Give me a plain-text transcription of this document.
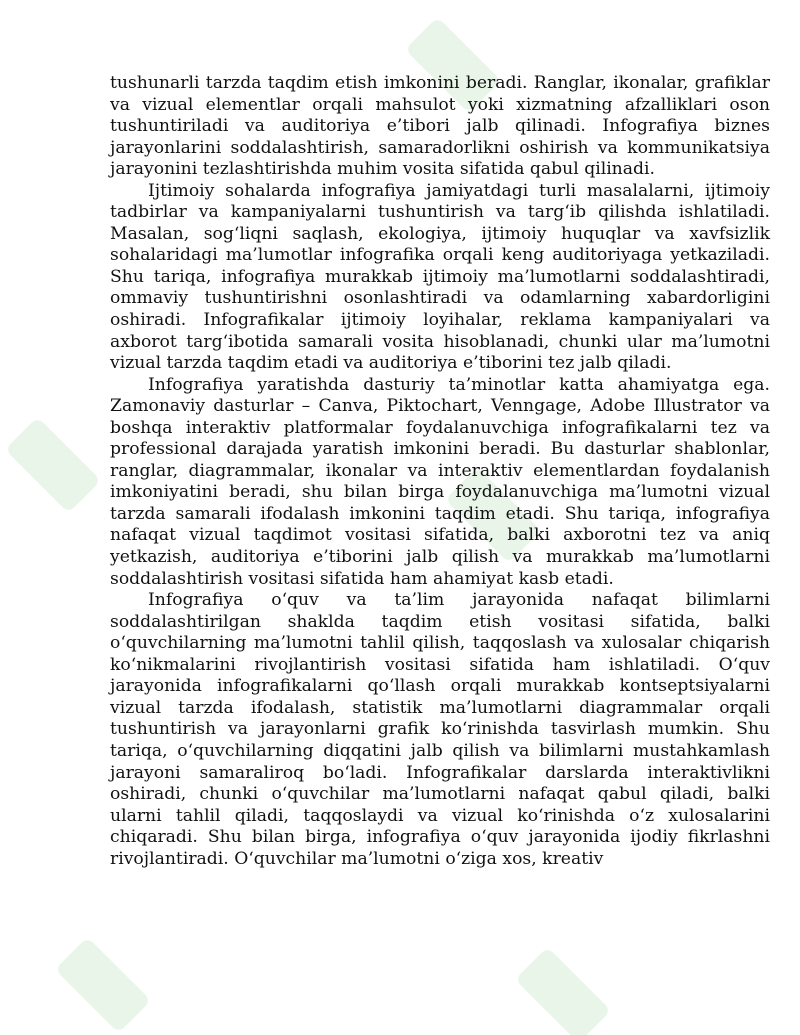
tushunarli tarzda taqdim etish imkonini beradi. Ranglar, ikonalar, grafiklar va vizual elementlar orqali mahsulot yoki xizmatning afzalliklari oson tushuntiriladi va auditoriya e’tibori jalb qilinadi. Infografiya biznes jarayonlarini soddalashtirish, samaradorlikni oshirish va kommunikatsiya jarayonini tezlashtirishda muhim vosita sifatida qabul qilinadi.

Ijtimoiy sohalarda infografiya jamiyatdagi turli masalalarni, ijtimoiy tadbirlar va kampaniyalarni tushuntirish va targ‘ib qilishda ishlatiladi. Masalan, sog‘liqni saqlash, ekologiya, ijtimoiy huquqlar va xavfsizlik sohalaridagi ma’lumotlar infografika orqali keng auditoriyaga yetkaziladi. Shu tariqa, infografiya murakkab ijtimoiy ma’lumotlarni soddalashtiradi, ommaviy tushuntirishni osonlashtiradi va odamlarning xabardorligini oshiradi. Infografikalar ijtimoiy loyihalar, reklama kampaniyalari va axborot targ‘ibotida samarali vosita hisoblanadi, chunki ular ma’lumotni vizual tarzda taqdim etadi va auditoriya e’tiborini tez jalb qiladi.

Infografiya yaratishda dasturiy ta’minotlar katta ahamiyatga ega. Zamonaviy dasturlar – Canva, Piktochart, Venngage, Adobe Illustrator va boshqa interaktiv platformalar foydalanuvchiga infografikalarni tez va professional darajada yaratish imkonini beradi. Bu dasturlar shablonlar, ranglar, diagrammalar, ikonalar va interaktiv elementlardan foydalanish imkoniyatini beradi, shu bilan birga foydalanuvchiga ma’lumotni vizual tarzda samarali ifodalash imkonini taqdim etadi. Shu tariqa, infografiya nafaqat vizual taqdimot vositasi sifatida, balki axborotni tez va aniq yetkazish, auditoriya e’tiborini jalb qilish va murakkab ma’lumotlarni soddalashtirish vositasi sifatida ham ahamiyat kasb etadi.

Infografiya o‘quv va ta’lim jarayonida nafaqat bilimlarni soddalashtirilgan shaklda taqdim etish vositasi sifatida, balki o‘quvchilarning ma’lumotni tahlil qilish, taqqoslash va xulosalar chiqarish ko‘nikmalarini rivojlantirish vositasi sifatida ham ishlatiladi. O‘quv jarayonida infografikalarni qo‘llash orqali murakkab kontseptsiyalarni vizual tarzda ifodalash, statistik ma’lumotlarni diagrammalar orqali tushuntirish va jarayonlarni grafik ko‘rinishda tasvirlash mumkin. Shu tariqa, o‘quvchilarning diqqatini jalb qilish va bilimlarni mustahkamlash jarayoni samaraliroq bo‘ladi. Infografikalar darslarda interaktivlikni oshiradi, chunki o‘quvchilar ma’lumotlarni nafaqat qabul qiladi, balki ularni tahlil qiladi, taqqoslaydi va vizual ko‘rinishda o‘z xulosalarini chiqaradi. Shu bilan birga, infografiya o‘quv jarayonida ijodiy fikrlashni rivojlantiradi. O‘quvchilar ma’lumotni o‘ziga xos, kreativ
